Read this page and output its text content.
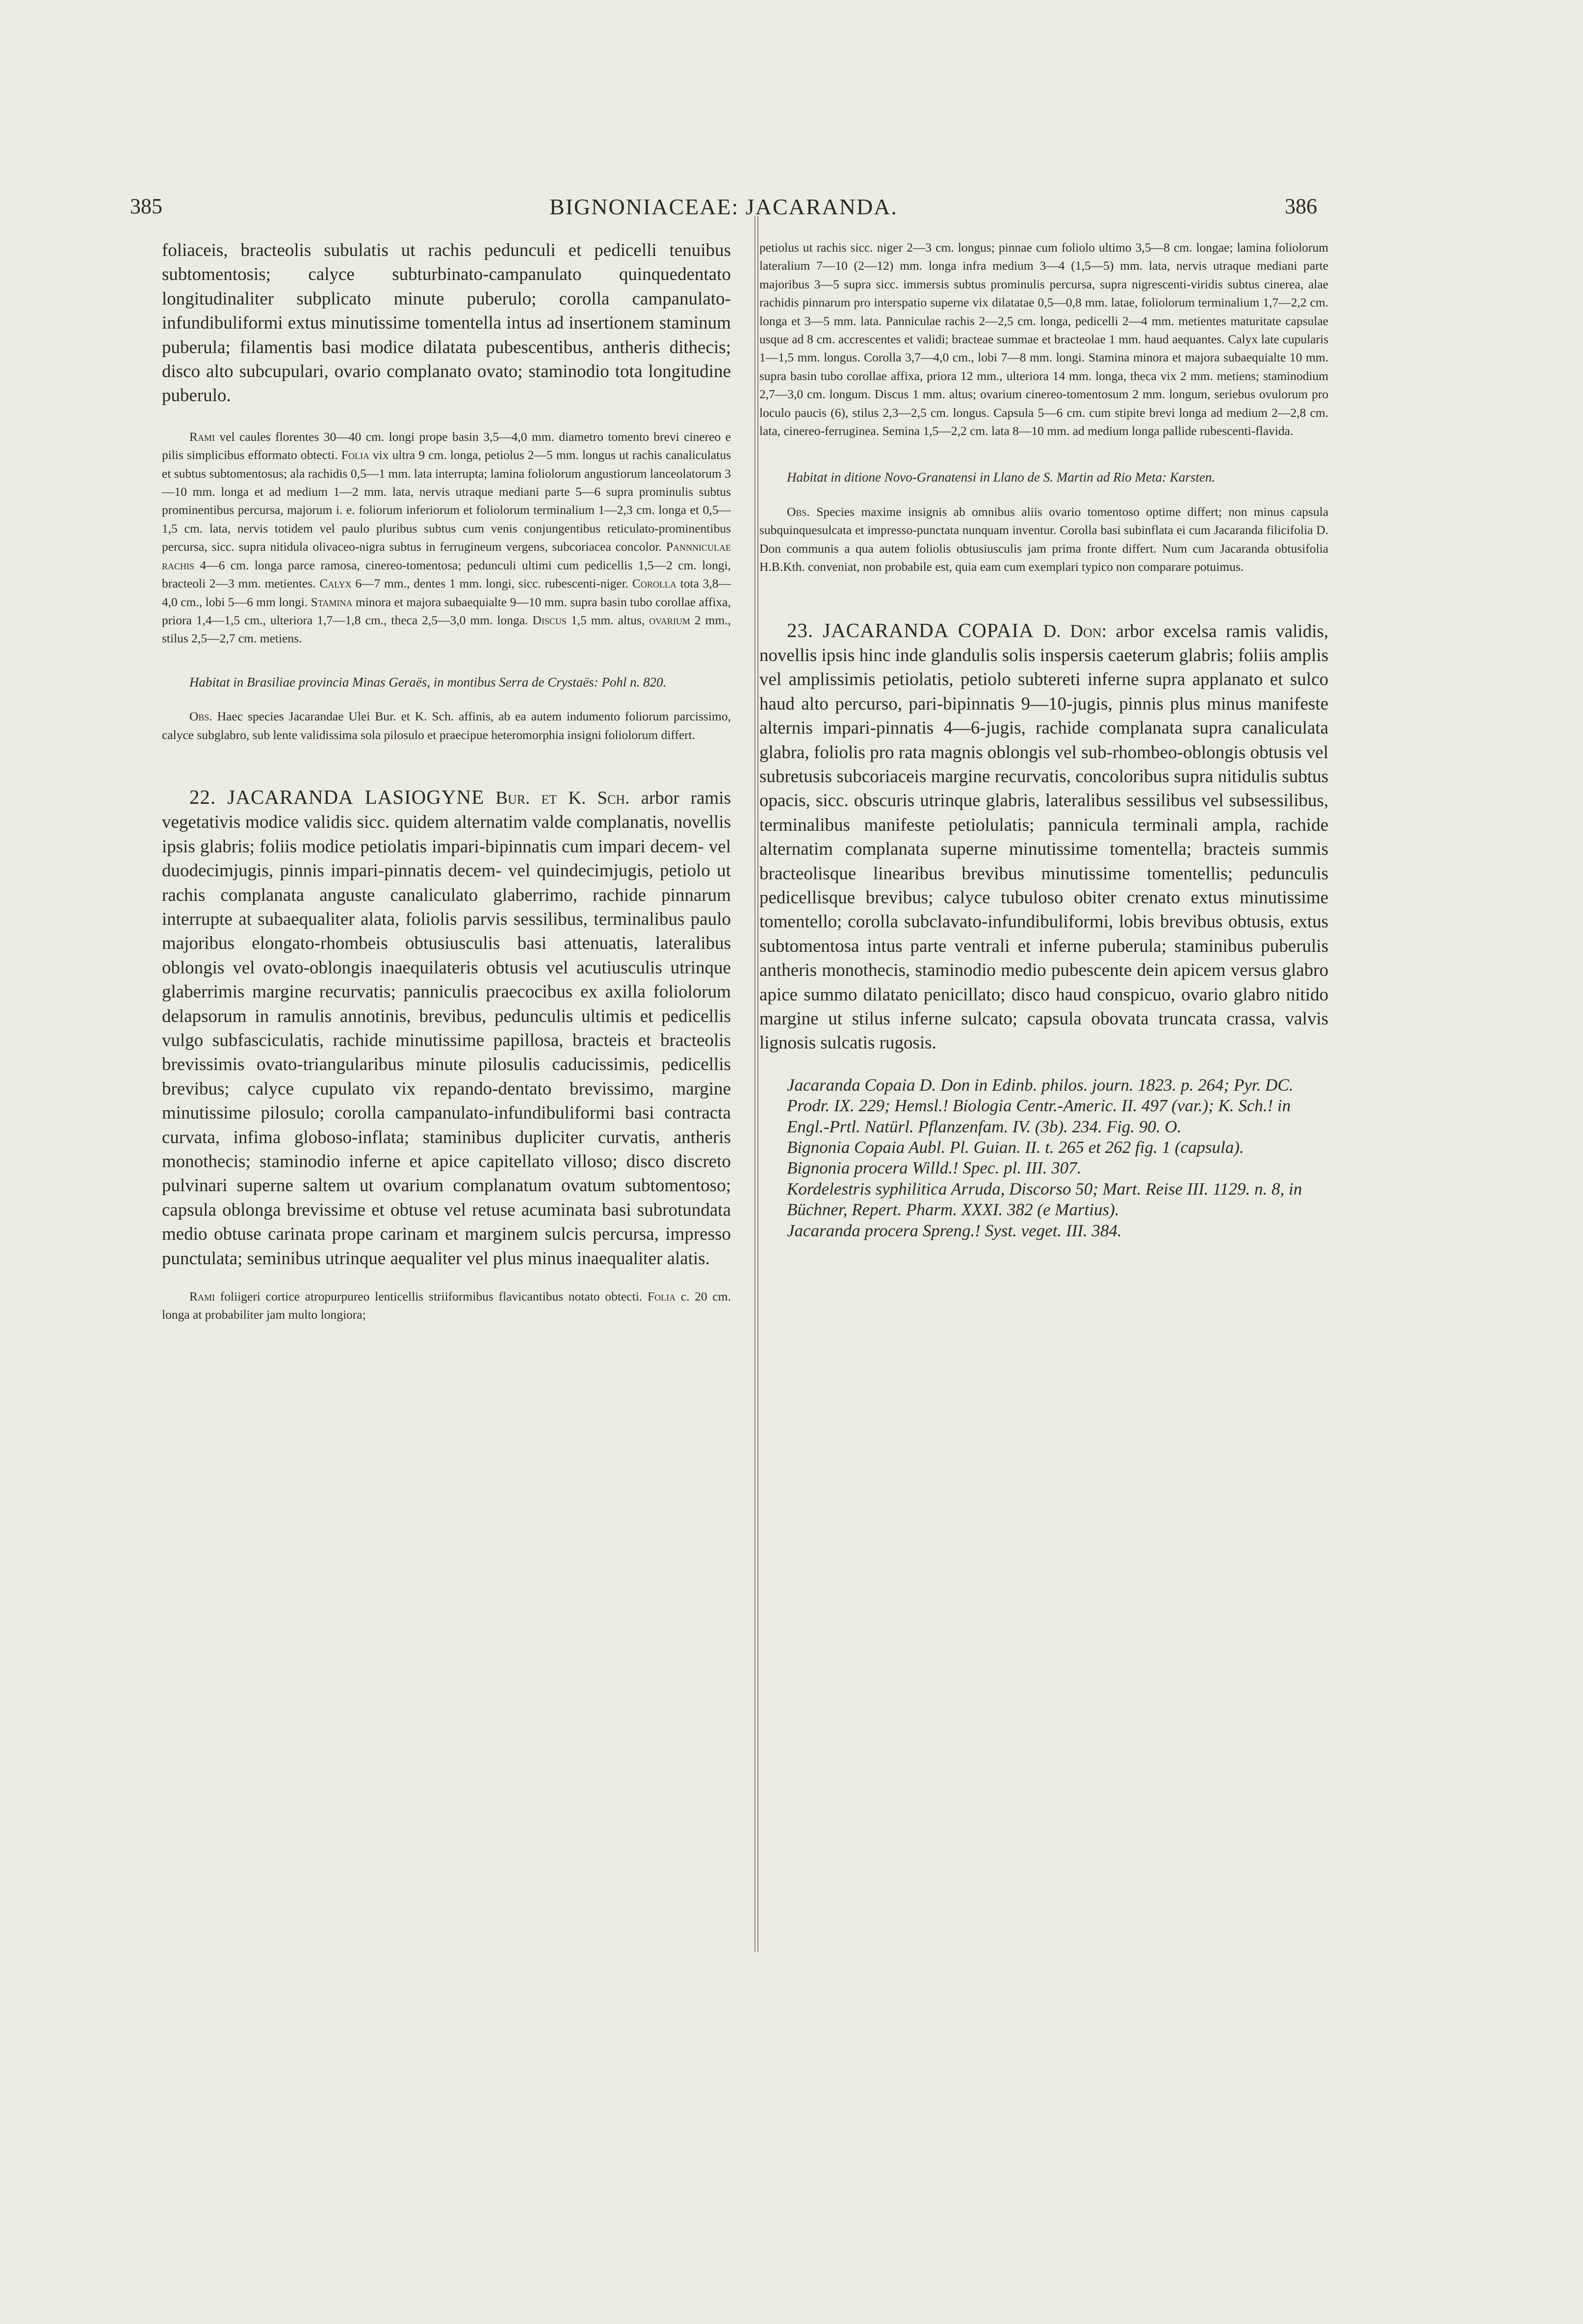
385	BIGNONIACEAE: JACARANDA.	386

foliaceis, bracteolis subulatis ut rachis pedunculi et pedicelli tenuibus subtomentosis; calyce subturbinato-campanulato quinquedentato longitudinaliter subplicato minute puberulo; corolla campanulato-infundibuliformi extus minutissime tomentella intus ad insertionem staminum puberula; filamentis basi modice dilatata pubescentibus, antheris dithecis; disco alto subcupulari, ovario complanato ovato; staminodio tota longitudine puberulo.

Rami vel caules florentes 30—40 cm. longi prope basin 3,5—4,0 mm. diametro tomento brevi cinereo e pilis simplicibus efformato obtecti. Folia vix ultra 9 cm. longa, petiolus 2—5 mm. longus ut rachis canaliculatus et subtus subtomentosus; ala rachidis 0,5—1 mm. lata interrupta; lamina foliolorum angustiorum lanceolatorum 3—10 mm. longa et ad medium 1—2 mm. lata, nervis utraque mediani parte 5—6 supra prominulis subtus prominentibus percursa, majorum i. e. foliorum inferiorum et foliolorum terminalium 1—2,3 cm. longa et 0,5—1,5 cm. lata, nervis totidem vel paulo pluribus subtus cum venis conjungentibus reticulato-prominentibus percursa, sicc. supra nitidula olivaceo-nigra subtus in ferrugineum vergens, subcoriacea concolor. Pannniculae rachis 4—6 cm. longa parce ramosa, cinereo-tomentosa; pedunculi ultimi cum pedicellis 1,5—2 cm. longi, bracteoli 2—3 mm. metientes. Calyx 6—7 mm., dentes 1 mm. longi, sicc. rubescenti-niger. Corolla tota 3,8—4,0 cm., lobi 5—6 mm longi. Stamina minora et majora subaequialte 9—10 mm. supra basin tubo corollae affixa, priora 1,4—1,5 cm., ulteriora 1,7—1,8 cm., theca 2,5—3,0 mm. longa. Discus 1,5 mm. altus, ovarium 2 mm., stilus 2,5—2,7 cm. metiens.

Habitat in Brasiliae provincia Minas Geraës, in montibus Serra de Crystaës: Pohl n. 820.

Obs. Haec species Jacarandae Ulei Bur. et K. Sch. affinis, ab ea autem indumento foliorum parcissimo, calyce subglabro, sub lente validissima sola pilosulo et praecipue heteromorphia insigni foliolorum differt.

22. JACARANDA LASIOGYNE Bur. et K. Sch. arbor ramis vegetativis modice validis sicc. quidem alternatim valde complanatis, novellis ipsis glabris; foliis modice petiolatis impari-bipinnatis cum impari decem- vel duodecimjugis, pinnis impari-pinnatis decem- vel quindecimjugis, petiolo ut rachis complanata anguste canaliculato glaberrimo, rachide pinnarum interrupte at subaequaliter alata, foliolis parvis sessilibus, terminalibus paulo majoribus elongato-rhombeis obtusiusculis basi attenuatis, lateralibus oblongis vel ovato-oblongis inaequilateris obtusis vel acutiusculis utrinque glaberrimis margine recurvatis; panniculis praecocibus ex axilla foliolorum delapsorum in ramulis annotinis, brevibus, pedunculis ultimis et pedicellis vulgo subfasciculatis, rachide minutissime papillosa, bracteis et bracteolis brevissimis ovato-triangularibus minute pilosulis caducissimis, pedicellis brevibus; calyce cupulato vix repando-dentato brevissimo, margine minutissime pilosulo; corolla campanulato-infundibuliformi basi contracta curvata, infima globoso-inflata; staminibus dupliciter curvatis, antheris monothecis; staminodio inferne et apice capitellato villoso; disco discreto pulvinari superne saltem ut ovarium complanatum ovatum subtomentoso; capsula oblonga brevissime et obtuse vel retuse acuminata basi subrotundata medio obtuse carinata prope carinam et marginem sulcis percursa, impresso punctulata; seminibus utrinque aequaliter vel plus minus inaequaliter alatis.

Rami foliigeri cortice atropurpureo lenticellis striiformibus flavicantibus notato obtecti. Folia c. 20 cm. longa at probabiliter jam multo longiora;

petiolus ut rachis sicc. niger 2—3 cm. longus; pinnae cum foliolo ultimo 3,5—8 cm. longae; lamina foliolorum lateralium 7—10 (2—12) mm. longa infra medium 3—4 (1,5—5) mm. lata, nervis utraque mediani parte majoribus 3—5 supra sicc. immersis subtus prominulis percursa, supra nigrescenti-viridis subtus cinerea, alae rachidis pinnarum pro interspatio superne vix dilatatae 0,5—0,8 mm. latae, foliolorum terminalium 1,7—2,2 cm. longa et 3—5 mm. lata. Panniculae rachis 2—2,5 cm. longa, pedicelli 2—4 mm. metientes maturitate capsulae usque ad 8 cm. accrescentes et validi; bracteae summae et bracteolae 1 mm. haud aequantes. Calyx late cupularis 1—1,5 mm. longus. Corolla 3,7—4,0 cm., lobi 7—8 mm. longi. Stamina minora et majora subaequialte 10 mm. supra basin tubo corollae affixa, priora 12 mm., ulteriora 14 mm. longa, theca vix 2 mm. metiens; staminodium 2,7—3,0 cm. longum. Discus 1 mm. altus; ovarium cinereo-tomentosum 2 mm. longum, seriebus ovulorum pro loculo paucis (6), stilus 2,3—2,5 cm. longus. Capsula 5—6 cm. cum stipite brevi longa ad medium 2—2,8 cm. lata, cinereo-ferruginea. Semina 1,5—2,2 cm. lata 8—10 mm. ad medium longa pallide rubescenti-flavida.

Habitat in ditione Novo-Granatensi in Llano de S. Martin ad Rio Meta: Karsten.

Obs. Species maxime insignis ab omnibus aliis ovario tomentoso optime differt; non minus capsula subquinquesulcata et impresso-punctata nunquam inventur. Corolla basi subinflata ei cum Jacaranda filicifolia D. Don communis a qua autem foliolis obtusiusculis jam prima fronte differt. Num cum Jacaranda obtusifolia H.B.Kth. conveniat, non probabile est, quia eam cum exemplari typico non comparare potuimus.

23. JACARANDA COPAIA D. Don: arbor excelsa ramis validis, novellis ipsis hinc inde glandulis solis inspersis caeterum glabris; foliis amplis vel amplissimis petiolatis, petiolo subtereti inferne supra applanato et sulco haud alto percurso, pari-bipinnatis 9—10-jugis, pinnis plus minus manifeste alternis impari-pinnatis 4—6-jugis, rachide complanata supra canaliculata glabra, foliolis pro rata magnis oblongis vel sub-rhombeo-oblongis obtusis vel subretusis subcoriaceis margine recurvatis, concoloribus supra nitidulis subtus opacis, sicc. obscuris utrinque glabris, lateralibus sessilibus vel subsessilibus, terminalibus manifeste petiolulatis; pannicula terminali ampla, rachide alternatim complanata superne minutissime tomentella; bracteis summis bracteolisque linearibus brevibus minutissime tomentellis; pedunculis pedicellisque brevibus; calyce tubuloso obiter crenato extus minutissime tomentello; corolla subclavato-infundibuliformi, lobis brevibus obtusis, extus subtomentosa intus parte ventrali et inferne puberula; staminibus puberulis antheris monothecis, staminodio medio pubescente dein apicem versus glabro apice summo dilatato penicillato; disco haud conspicuo, ovario glabro nitido margine ut stilus inferne sulcato; capsula obovata truncata crassa, valvis lignosis sulcatis rugosis.

Jacaranda Copaia D. Don in Edinb. philos. journ. 1823. p. 264; Pyr. DC. Prodr. IX. 229; Hemsl.! Biologia Centr.-Americ. II. 497 (var.); K. Sch.! in Engl.-Prtl. Natürl. Pflanzenfam. IV. (3b). 234. Fig. 90. O.

Bignonia Copaia Aubl. Pl. Guian. II. t. 265 et 262 fig. 1 (capsula).

Bignonia procera Willd.! Spec. pl. III. 307.

Kordelestris syphilitica Arruda, Discorso 50; Mart. Reise III. 1129. n. 8, in Büchner, Repert. Pharm. XXXI. 382 (e Martius).

Jacaranda procera Spreng.! Syst. veget. III. 384.
